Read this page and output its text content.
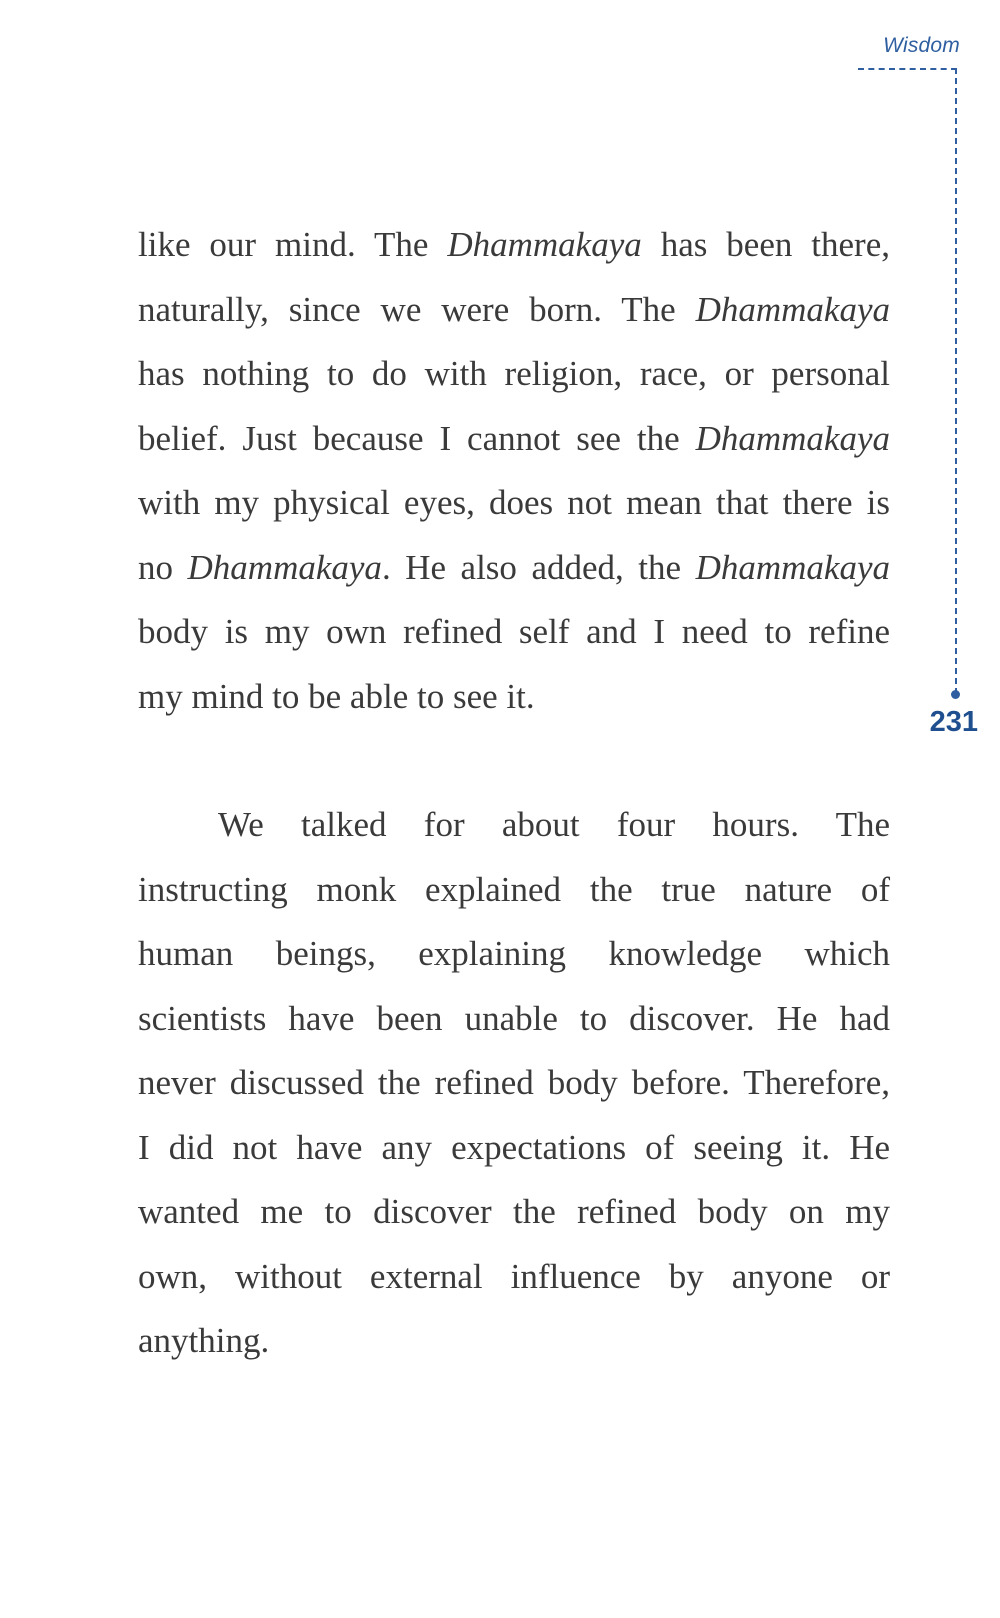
Wisdom
231
like our mind. The Dhammakaya has been there,
naturally, since we were born. The Dhammakaya
has nothing to do with religion, race, or personal
belief. Just because I cannot see the Dhammakaya
with my physical eyes, does not mean that there is
no Dhammakaya. He also added, the Dhammakaya
body is my own refined self and I need to refine
my mind to be able to see it.
We talked for about four hours. The
instructing monk explained the true nature of
human beings, explaining knowledge which
scientists have been unable to discover. He had
never discussed the refined body before. Therefore,
I did not have any expectations of seeing it. He
wanted me to discover the refined body on my
own, without external influence by anyone or
anything.
